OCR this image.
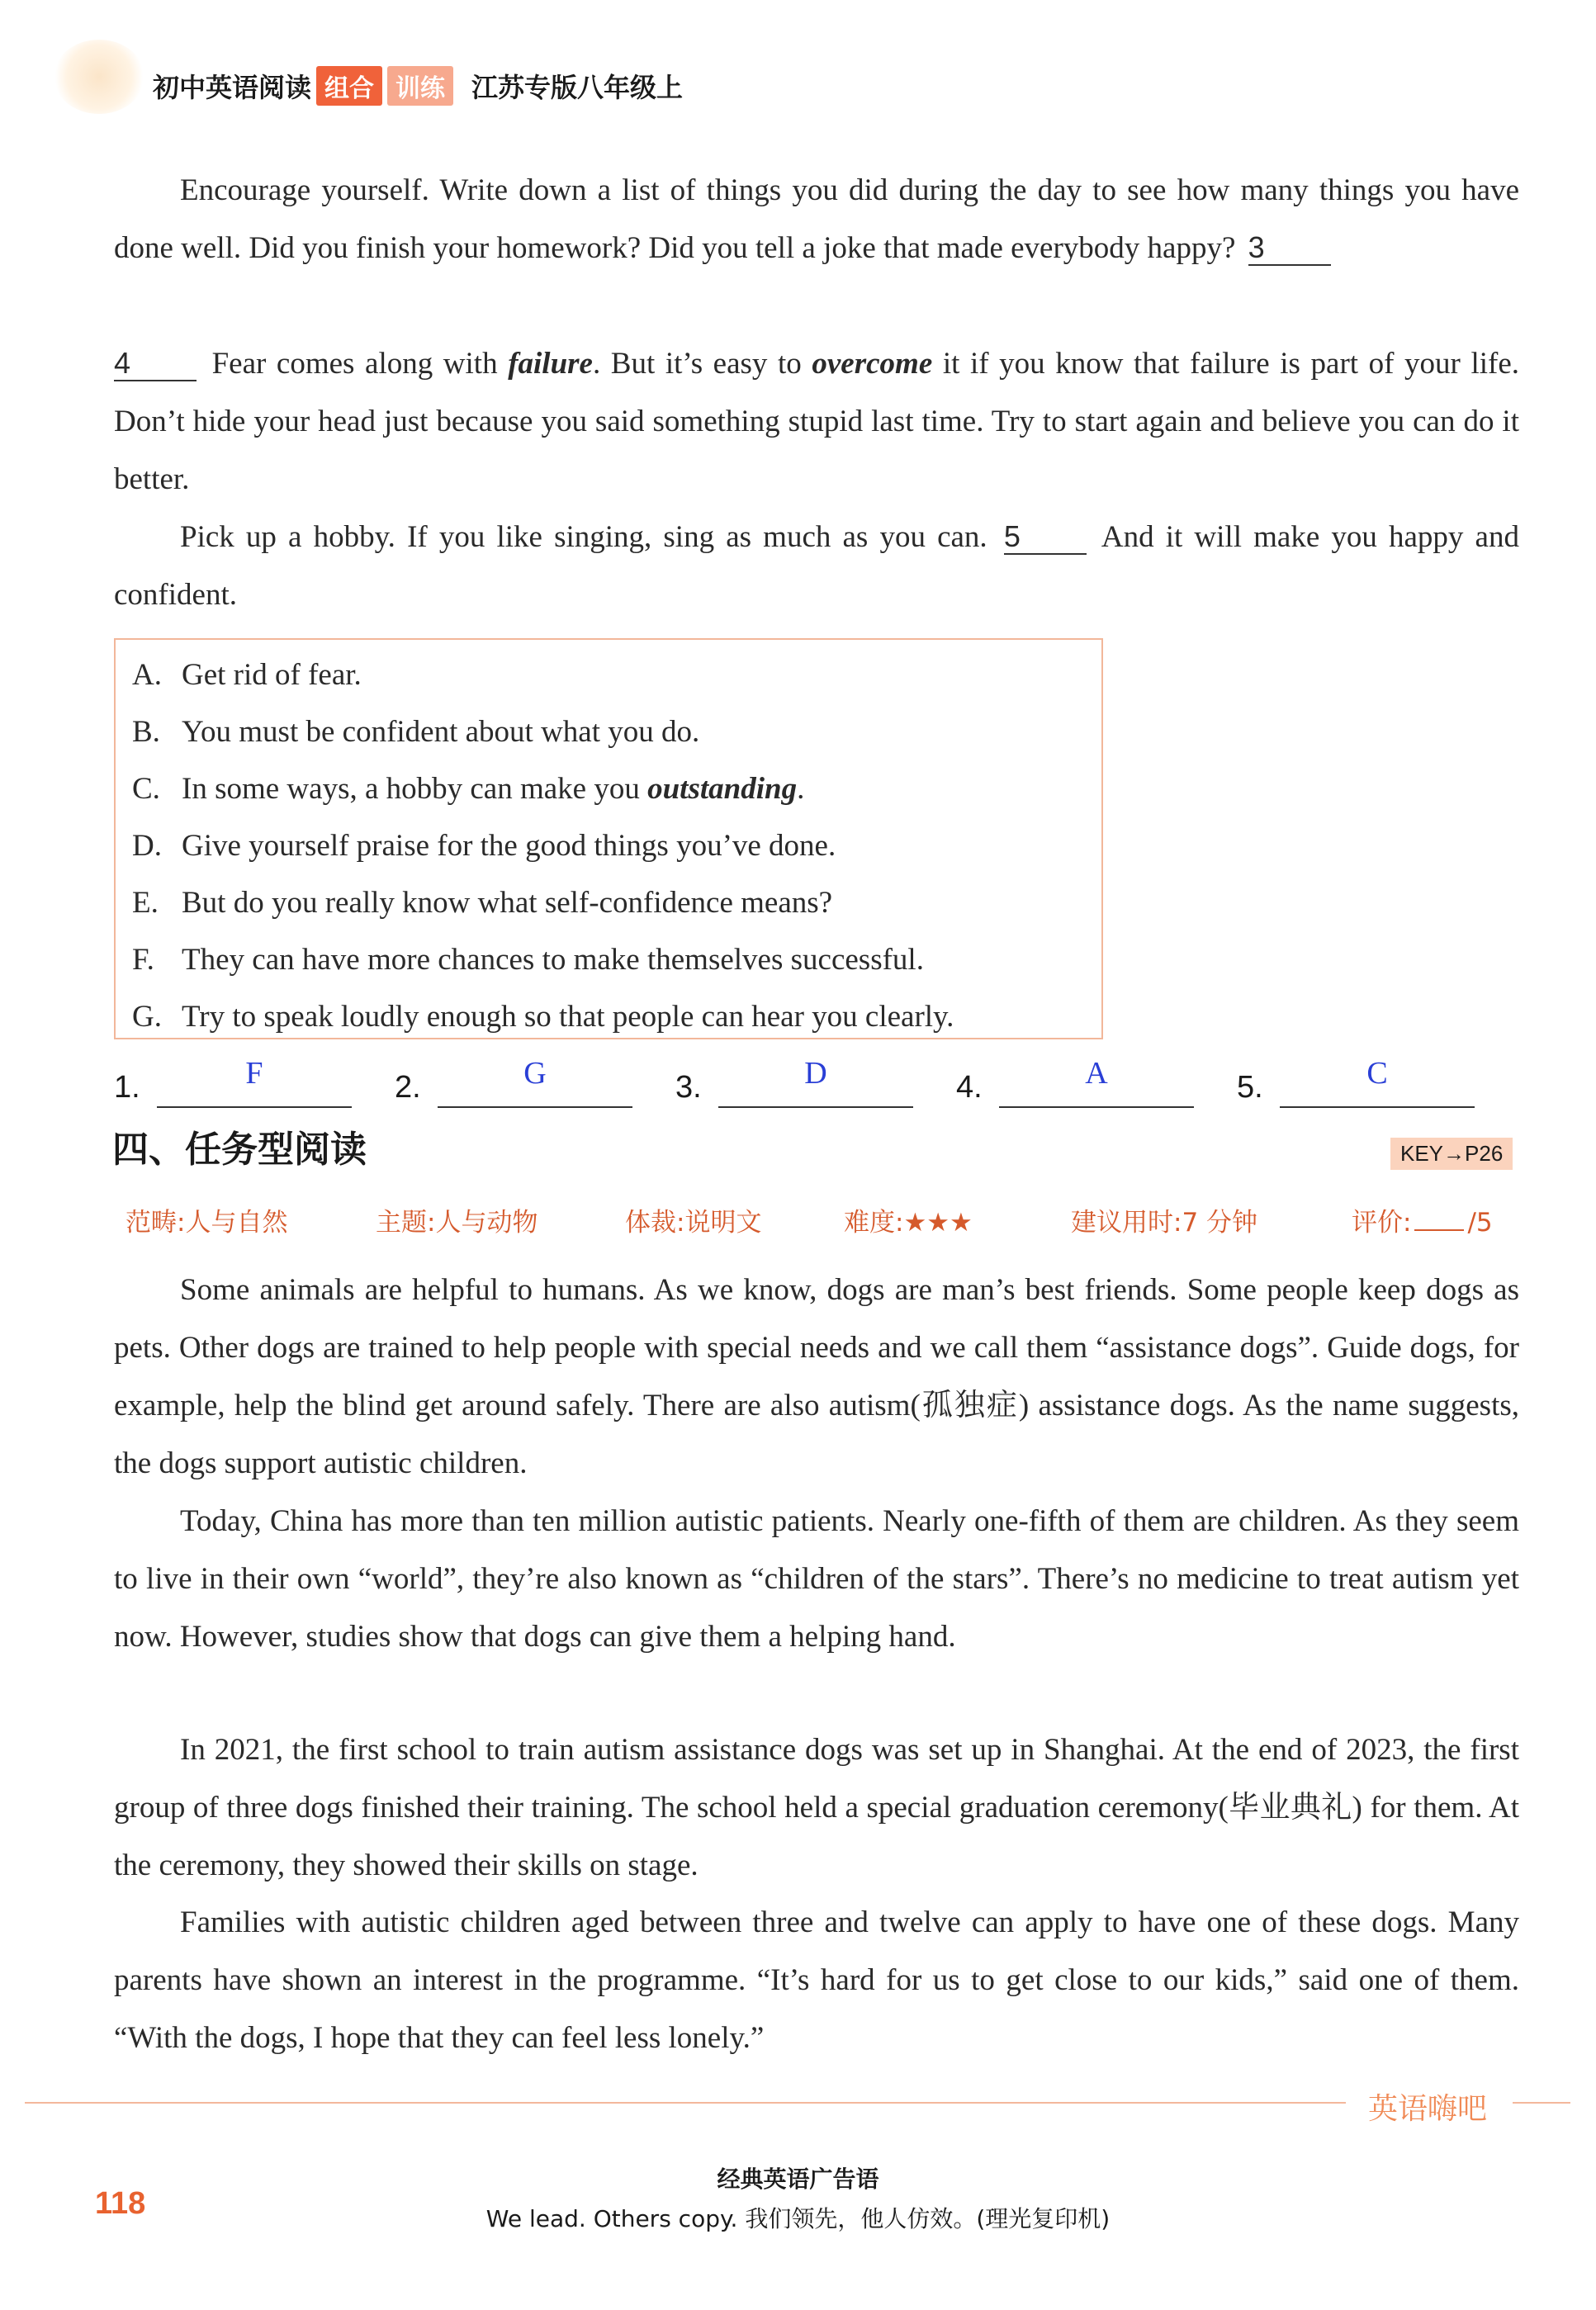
初中英语阅读 组合 训练	江苏专版八年级上
Encourage yourself. Write down a list of things you did during the day to see how many things you have done well. Did you finish your homework? Did you tell a joke that made everybody happy? 3
4 Fear comes along with failure. But it’s easy to overcome it if you know that failure is part of your life. Don’t hide your head just because you said something stupid last time. Try to start again and believe you can do it better.
Pick up a hobby. If you like singing, sing as much as you can. 5 And it will make you happy and confident.
A. Get rid of fear.
B. You must be confident about what you do.
C. In some ways, a hobby can make you outstanding.
D. Give yourself praise for the good things you’ve done.
E. But do you really know what self-confidence means?
F. They can have more chances to make themselves successful.
G. Try to speak loudly enough so that people can hear you clearly.
1.	F	2.	G	3.	D	4.	A	5.	C
四、任务型阅读	KEY→P26
范畴:人与自然	主题:人与动物	体裁:说明文	难度:★★★	建议用时:7 分钟	评价: /5
Some animals are helpful to humans. As we know, dogs are man’s best friends. Some people keep dogs as pets. Other dogs are trained to help people with special needs and we call them “assistance dogs”. Guide dogs, for example, help the blind get around safely. There are also autism(孤独症) assistance dogs. As the name suggests, the dogs support autistic children.
Today, China has more than ten million autistic patients. Nearly one-fifth of them are children. As they seem to live in their own “world”, they’re also known as “children of the stars”. There’s no medicine to treat autism yet now. However, studies show that dogs can give them a helping hand.
In 2021, the first school to train autism assistance dogs was set up in Shanghai. At the end of 2023, the first group of three dogs finished their training. The school held a special graduation ceremony(毕业典礼) for them. At the ceremony, they showed their skills on stage.
Families with autistic children aged between three and twelve can apply to have one of these dogs. Many parents have shown an interest in the programme. “It’s hard for us to get close to our kids,” said one of them. “With the dogs, I hope that they can feel less lonely.”
英语嗨吧
118
经典英语广告语
We lead. Others copy. 我们领先，他人仿效。(理光复印机)
